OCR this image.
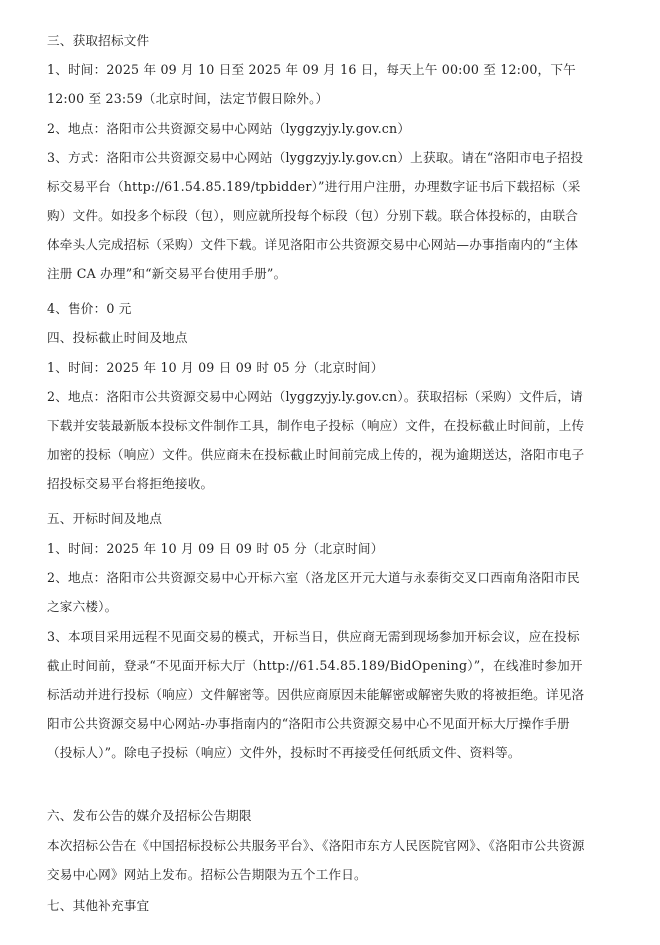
三、获取招标文件
1、时间：2025 年 09 月 10 日至 2025 年 09 月 16 日，每天上午 00:00 至 12:00，下午 12:00 至 23:59（北京时间，法定节假日除外。）
2、地点：洛阳市公共资源交易中心网站（lyggzyjy.ly.gov.cn）
3、方式：洛阳市公共资源交易中心网站（lyggzyjy.ly.gov.cn）上获取。请在“洛阳市电子招投标交易平台（http://61.54.85.189/tpbidder）”进行用户注册，办理数字证书后下载招标（采购）文件。如投多个标段（包），则应就所投每个标段（包）分别下载。联合体投标的，由联合体牵头人完成招标（采购）文件下载。详见洛阳市公共资源交易中心网站—办事指南内的“主体注册 CA 办理”和“新交易平台使用手册”。
4、售价：0 元
四、投标截止时间及地点
1、时间：2025 年 10 月 09 日 09 时 05 分（北京时间）
2、地点：洛阳市公共资源交易中心网站（lyggzyjy.ly.gov.cn）。获取招标（采购）文件后，请下载并安装最新版本投标文件制作工具，制作电子投标（响应）文件，在投标截止时间前，上传加密的投标（响应）文件。供应商未在投标截止时间前完成上传的，视为逾期送达，洛阳市电子招投标交易平台将拒绝接收。
五、开标时间及地点
1、时间：2025 年 10 月 09 日 09 时 05 分（北京时间）
2、地点：洛阳市公共资源交易中心开标六室（洛龙区开元大道与永泰街交叉口西南角洛阳市民之家六楼）。
3、本项目采用远程不见面交易的模式，开标当日，供应商无需到现场参加开标会议，应在投标截止时间前，登录“不见面开标大厅（http://61.54.85.189/BidOpening）”，在线准时参加开标活动并进行投标（响应）文件解密等。因供应商原因未能解密或解密失败的将被拒绝。详见洛阳市公共资源交易中心网站-办事指南内的“洛阳市公共资源交易中心不见面开标大厅操作手册（投标人）”。除电子投标（响应）文件外，投标时不再接受任何纸质文件、资料等。
六、发布公告的媒介及招标公告期限
本次招标公告在《中国招标投标公共服务平台》、《洛阳市东方人民医院官网》、《洛阳市公共资源交易中心网》网站上发布。招标公告期限为五个工作日。
七、其他补充事宜
